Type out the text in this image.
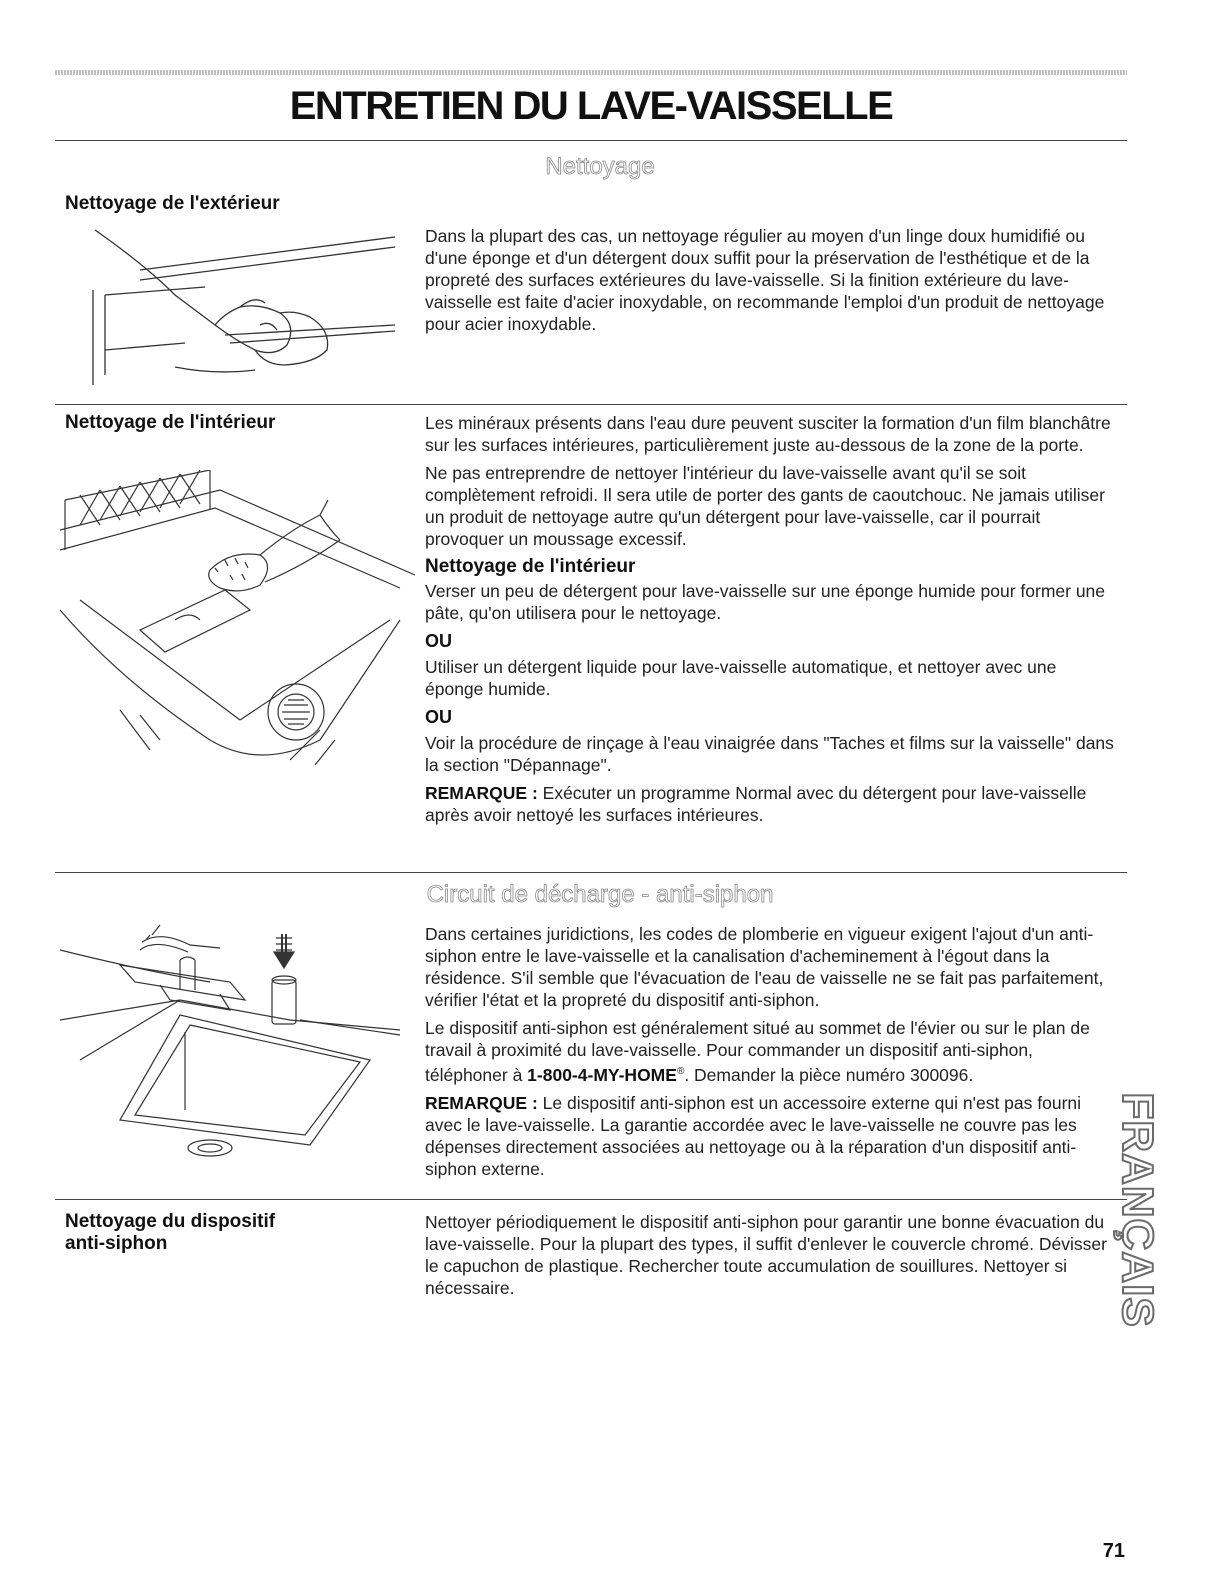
ENTRETIEN DU LAVE-VAISSELLE
Nettoyage
Nettoyage de l'extérieur

Dans la plupart des cas, un nettoyage régulier au moyen d'un linge doux humidifié ou d'une éponge et d'un détergent doux suffit pour la préservation de l'esthétique et de la propreté des surfaces extérieures du lave-vaisselle. Si la finition extérieure du lave-vaisselle est faite d'acier inoxydable, on recommande l'emploi d'un produit de nettoyage pour acier inoxydable.

Nettoyage de l'intérieur	Les minéraux présents dans l'eau dure peuvent susciter la formation d'un film blanchâtre sur les surfaces intérieures, particulièrement juste au-dessous de la zone de la porte.

Ne pas entreprendre de nettoyer l'intérieur du lave-vaisselle avant qu'il se soit complètement refroidi. Il sera utile de porter des gants de caoutchouc. Ne jamais utiliser un produit de nettoyage autre qu'un détergent pour lave-vaisselle, car il pourrait provoquer un moussage excessif.

Nettoyage de l'intérieur

Verser un peu de détergent pour lave-vaisselle sur une éponge humide pour former une pâte, qu'on utilisera pour le nettoyage.

OU

Utiliser un détergent liquide pour lave-vaisselle automatique, et nettoyer avec une éponge humide.

OU

Voir la procédure de rinçage à l'eau vinaigrée dans "Taches et films sur la vaisselle" dans la section "Dépannage".

REMARQUE : Exécuter un programme Normal avec du détergent pour lave-vaisselle après avoir nettoyé les surfaces intérieures.

Circuit de décharge - anti-siphon

Dans certaines juridictions, les codes de plomberie en vigueur exigent l'ajout d'un anti-siphon entre le lave-vaisselle et la canalisation d'acheminement à l'égout dans la résidence. S'il semble que l'évacuation de l'eau de vaisselle ne se fait pas parfaitement, vérifier l'état et la propreté du dispositif anti-siphon.

Le dispositif anti-siphon est généralement situé au sommet de l'évier ou sur le plan de travail à proximité du lave-vaisselle. Pour commander un dispositif anti-siphon, téléphoner à 1-800-4-MY-HOME®. Demander la pièce numéro 300096.

REMARQUE : Le dispositif anti-siphon est un accessoire externe qui n'est pas fourni avec le lave-vaisselle. La garantie accordée avec le lave-vaisselle ne couvre pas les dépenses directement associées au nettoyage ou à la réparation d'un dispositif anti-siphon externe.

Nettoyage du dispositif
anti-siphon

Nettoyer périodiquement le dispositif anti-siphon pour garantir une bonne évacuation du lave-vaisselle. Pour la plupart des types, il suffit d'enlever le couvercle chromé. Dévisser le capuchon de plastique. Rechercher toute accumulation de souillures. Nettoyer si nécessaire.	FRANÇAIS
71
